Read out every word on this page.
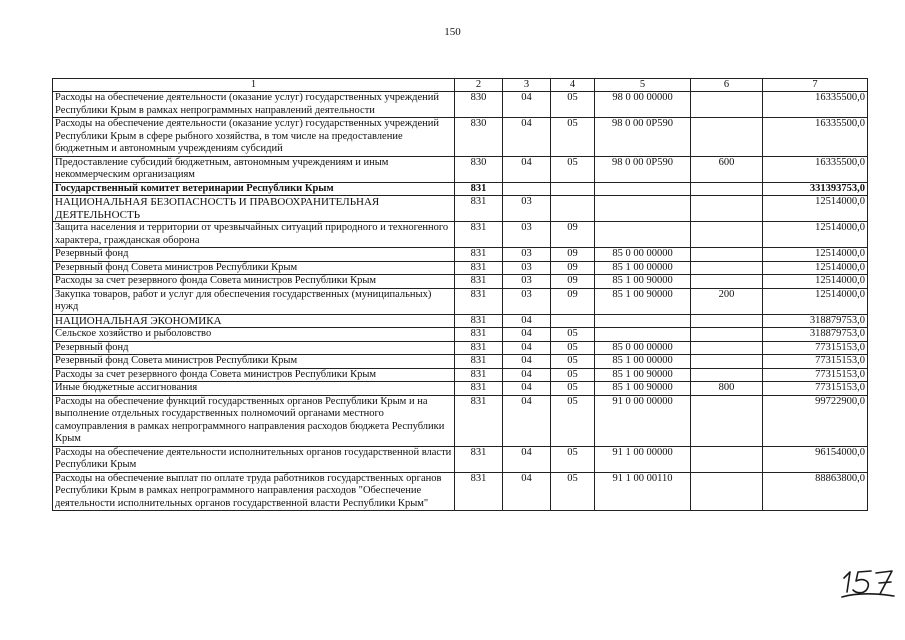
150
1	2	3	4	5	6	7
Расходы на обеспечение деятельности (оказание услуг) государственных учреждений Республики Крым в рамках непрограммных направлений деятельности	830	04	05	98 0 00 00000		16335500,0
Расходы на обеспечение деятельности (оказание услуг) государственных учреждений Республики Крым в сфере рыбного хозяйства, в том числе на предоставление бюджетным и автономным учреждениям субсидий	830	04	05	98 0 00 0Р590		16335500,0
Предоставление субсидий бюджетным, автономным учреждениям и иным некоммерческим организациям	830	04	05	98 0 00 0Р590	600	16335500,0
Государственный комитет ветеринарии Республики Крым	831					331393753,0
НАЦИОНАЛЬНАЯ БЕЗОПАСНОСТЬ И ПРАВООХРАНИТЕЛЬНАЯ ДЕЯТЕЛЬНОСТЬ	831	03				12514000,0
Защита населения и территории от чрезвычайных ситуаций природного и техногенного характера, гражданская оборона	831	03	09			12514000,0
Резервный фонд	831	03	09	85 0 00 00000		12514000,0
Резервный фонд Совета министров Республики Крым	831	03	09	85 1 00 00000		12514000,0
Расходы за счет резервного фонда Совета министров Республики Крым	831	03	09	85 1 00 90000		12514000,0
Закупка товаров, работ и услуг для обеспечения государственных (муниципальных) нужд	831	03	09	85 1 00 90000	200	12514000,0
НАЦИОНАЛЬНАЯ ЭКОНОМИКА	831	04				318879753,0
Сельское хозяйство и рыболовство	831	04	05			318879753,0
Резервный фонд	831	04	05	85 0 00 00000		77315153,0
Резервный фонд Совета министров Республики Крым	831	04	05	85 1 00 00000		77315153,0
Расходы за счет резервного фонда Совета министров Республики Крым	831	04	05	85 1 00 90000		77315153,0
Иные бюджетные ассигнования	831	04	05	85 1 00 90000	800	77315153,0
Расходы на обеспечение функций государственных органов Республики Крым и на выполнение отдельных государственных полномочий органами местного самоуправления в рамках непрограммного направления расходов бюджета Республики Крым	831	04	05	91 0 00 00000		99722900,0
Расходы на обеспечение деятельности исполнительных органов государственной власти Республики Крым	831	04	05	91 1 00 00000		96154000,0
Расходы на обеспечение выплат по оплате труда работников государственных органов Республики Крым в рамках непрограммного направления расходов "Обеспечение деятельности исполнительных органов государственной власти Республики Крым"	831	04	05	91 1 00 00110		88863800,0
